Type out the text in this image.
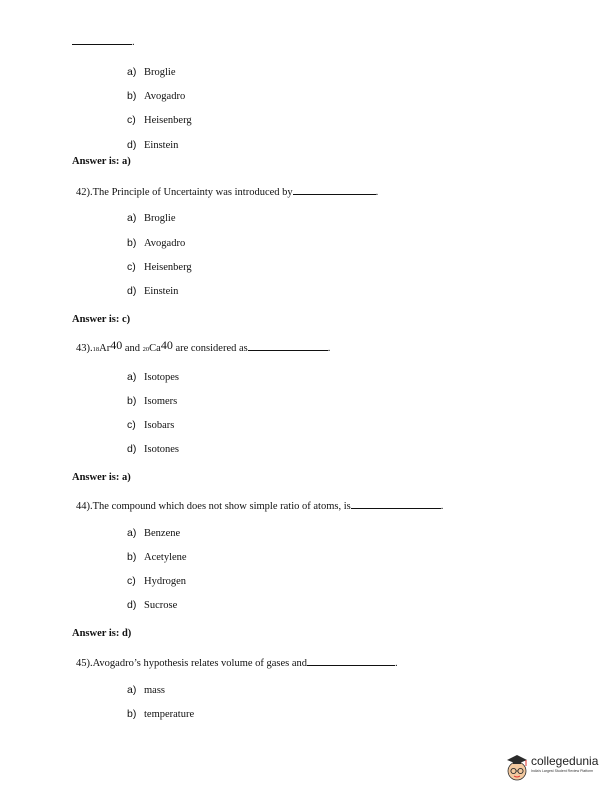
.
a) Broglie
b) Avogadro
c) Heisenberg
d) Einstein
Answer is: a)
42).The Principle of Uncertainty was introduced by	.
a) Broglie
b) Avogadro
c) Heisenberg
d) Einstein
Answer is: c)
43).18Ar40 and 20Ca40 are considered as	.
a) Isotopes
b) Isomers
c) Isobars
d) Isotones
Answer is: a)
44).The compound which does not show simple ratio of atoms, is	.
a) Benzene
b) Acetylene
c) Hydrogen
d) Sucrose
Answer is: d)
45).Avogadro’s hypothesis relates volume of gases and	.
a) mass
b) temperature
collegedunia
India's Largest Student Review Platform
